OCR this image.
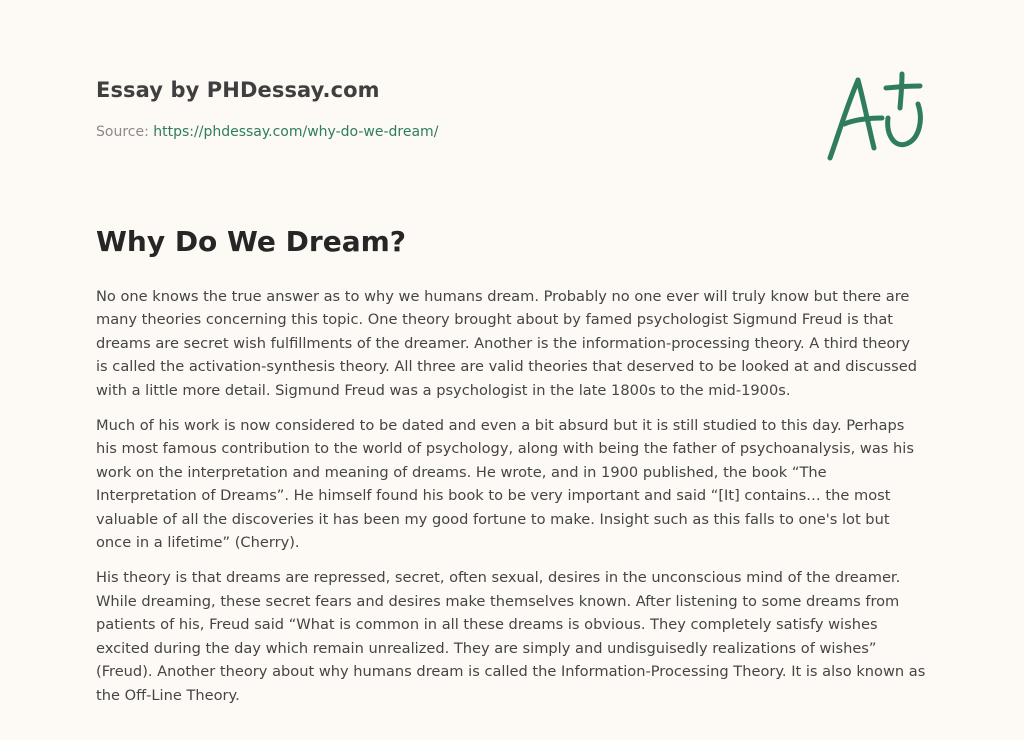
Essay by PHDessay.com
Source: https://phdessay.com/why-do-we-dream/
Why Do We Dream?

No one knows the true answer as to why we humans dream. Probably no one ever will truly know but there are many theories concerning this topic. One theory brought about by famed psychologist Sigmund Freud is that dreams are secret wish fulfillments of the dreamer. Another is the information-processing theory. A third theory is called the activation-synthesis theory. All three are valid theories that deserved to be looked at and discussed with a little more detail. Sigmund Freud was a psychologist in the late 1800s to the mid-1900s.

Much of his work is now considered to be dated and even a bit absurd but it is still studied to this day. Perhaps his most famous contribution to the world of psychology, along with being the father of psychoanalysis, was his work on the interpretation and meaning of dreams. He wrote, and in 1900 published, the book “The Interpretation of Dreams”. He himself found his book to be very important and said “[It] contains… the most valuable of all the discoveries it has been my good fortune to make. Insight such as this falls to one's lot but once in a lifetime” (Cherry).

His theory is that dreams are repressed, secret, often sexual, desires in the unconscious mind of the dreamer. While dreaming, these secret fears and desires make themselves known. After listening to some dreams from patients of his, Freud said “What is common in all these dreams is obvious. They completely satisfy wishes excited during the day which remain unrealized. They are simply and undisguisedly realizations of wishes” (Freud). Another theory about why humans dream is called the Information-Processing Theory. It is also known as the Off-Line Theory.
